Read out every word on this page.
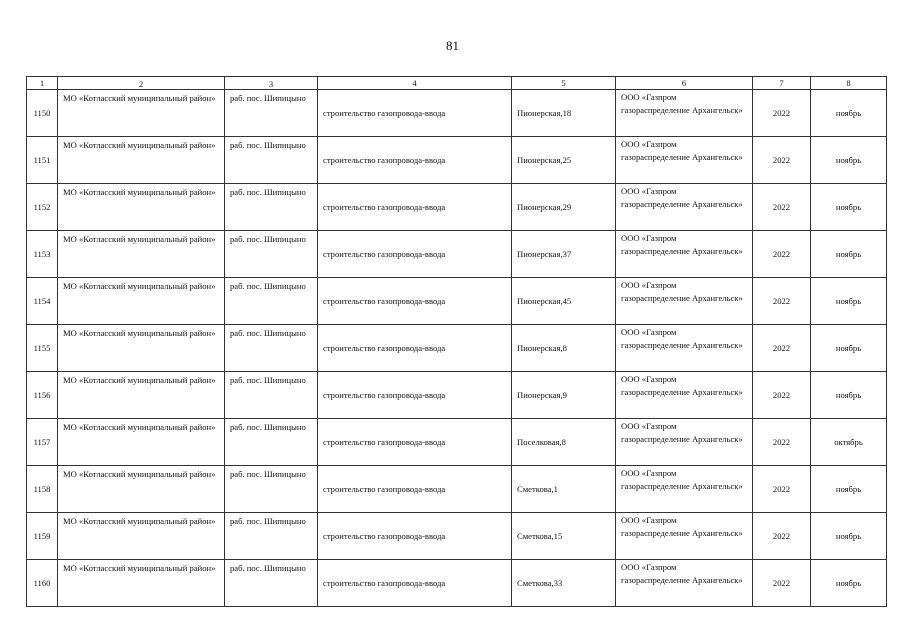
81
1	2	3	4	5	6	7	8
1150	МО «Котласский муниципальный район»	раб. пос. Шипицыно	строительство газопровода-ввода	Пионерская,18	ООО «Газпром газораспределение Архангельск»	2022	ноябрь
1151	МО «Котласский муниципальный район»	раб. пос. Шипицыно	строительство газопровода-ввода	Пионерская,25	ООО «Газпром газораспределение Архангельск»	2022	ноябрь
1152	МО «Котласский муниципальный район»	раб. пос. Шипицыно	строительство газопровода-ввода	Пионерская,29	ООО «Газпром газораспределение Архангельск»	2022	ноябрь
1153	МО «Котласский муниципальный район»	раб. пос. Шипицыно	строительство газопровода-ввода	Пионерская,37	ООО «Газпром газораспределение Архангельск»	2022	ноябрь
1154	МО «Котласский муниципальный район»	раб. пос. Шипицыно	строительство газопровода-ввода	Пионерская,45	ООО «Газпром газораспределение Архангельск»	2022	ноябрь
1155	МО «Котласский муниципальный район»	раб. пос. Шипицыно	строительство газопровода-ввода	Пионерская,8	ООО «Газпром газораспределение Архангельск»	2022	ноябрь
1156	МО «Котласский муниципальный район»	раб. пос. Шипицыно	строительство газопровода-ввода	Пионерская,9	ООО «Газпром газораспределение Архангельск»	2022	ноябрь
1157	МО «Котласский муниципальный район»	раб. пос. Шипицыно	строительство газопровода-ввода	Поселковая,8	ООО «Газпром газораспределение Архангельск»	2022	октябрь
1158	МО «Котласский муниципальный район»	раб. пос. Шипицыно	строительство газопровода-ввода	Сметкова,1	ООО «Газпром газораспределение Архангельск»	2022	ноябрь
1159	МО «Котласский муниципальный район»	раб. пос. Шипицыно	строительство газопровода-ввода	Сметкова,15	ООО «Газпром газораспределение Архангельск»	2022	ноябрь
1160	МО «Котласский муниципальный район»	раб. пос. Шипицыно	строительство газопровода-ввода	Сметкова,33	ООО «Газпром газораспределение Архангельск»	2022	ноябрь
